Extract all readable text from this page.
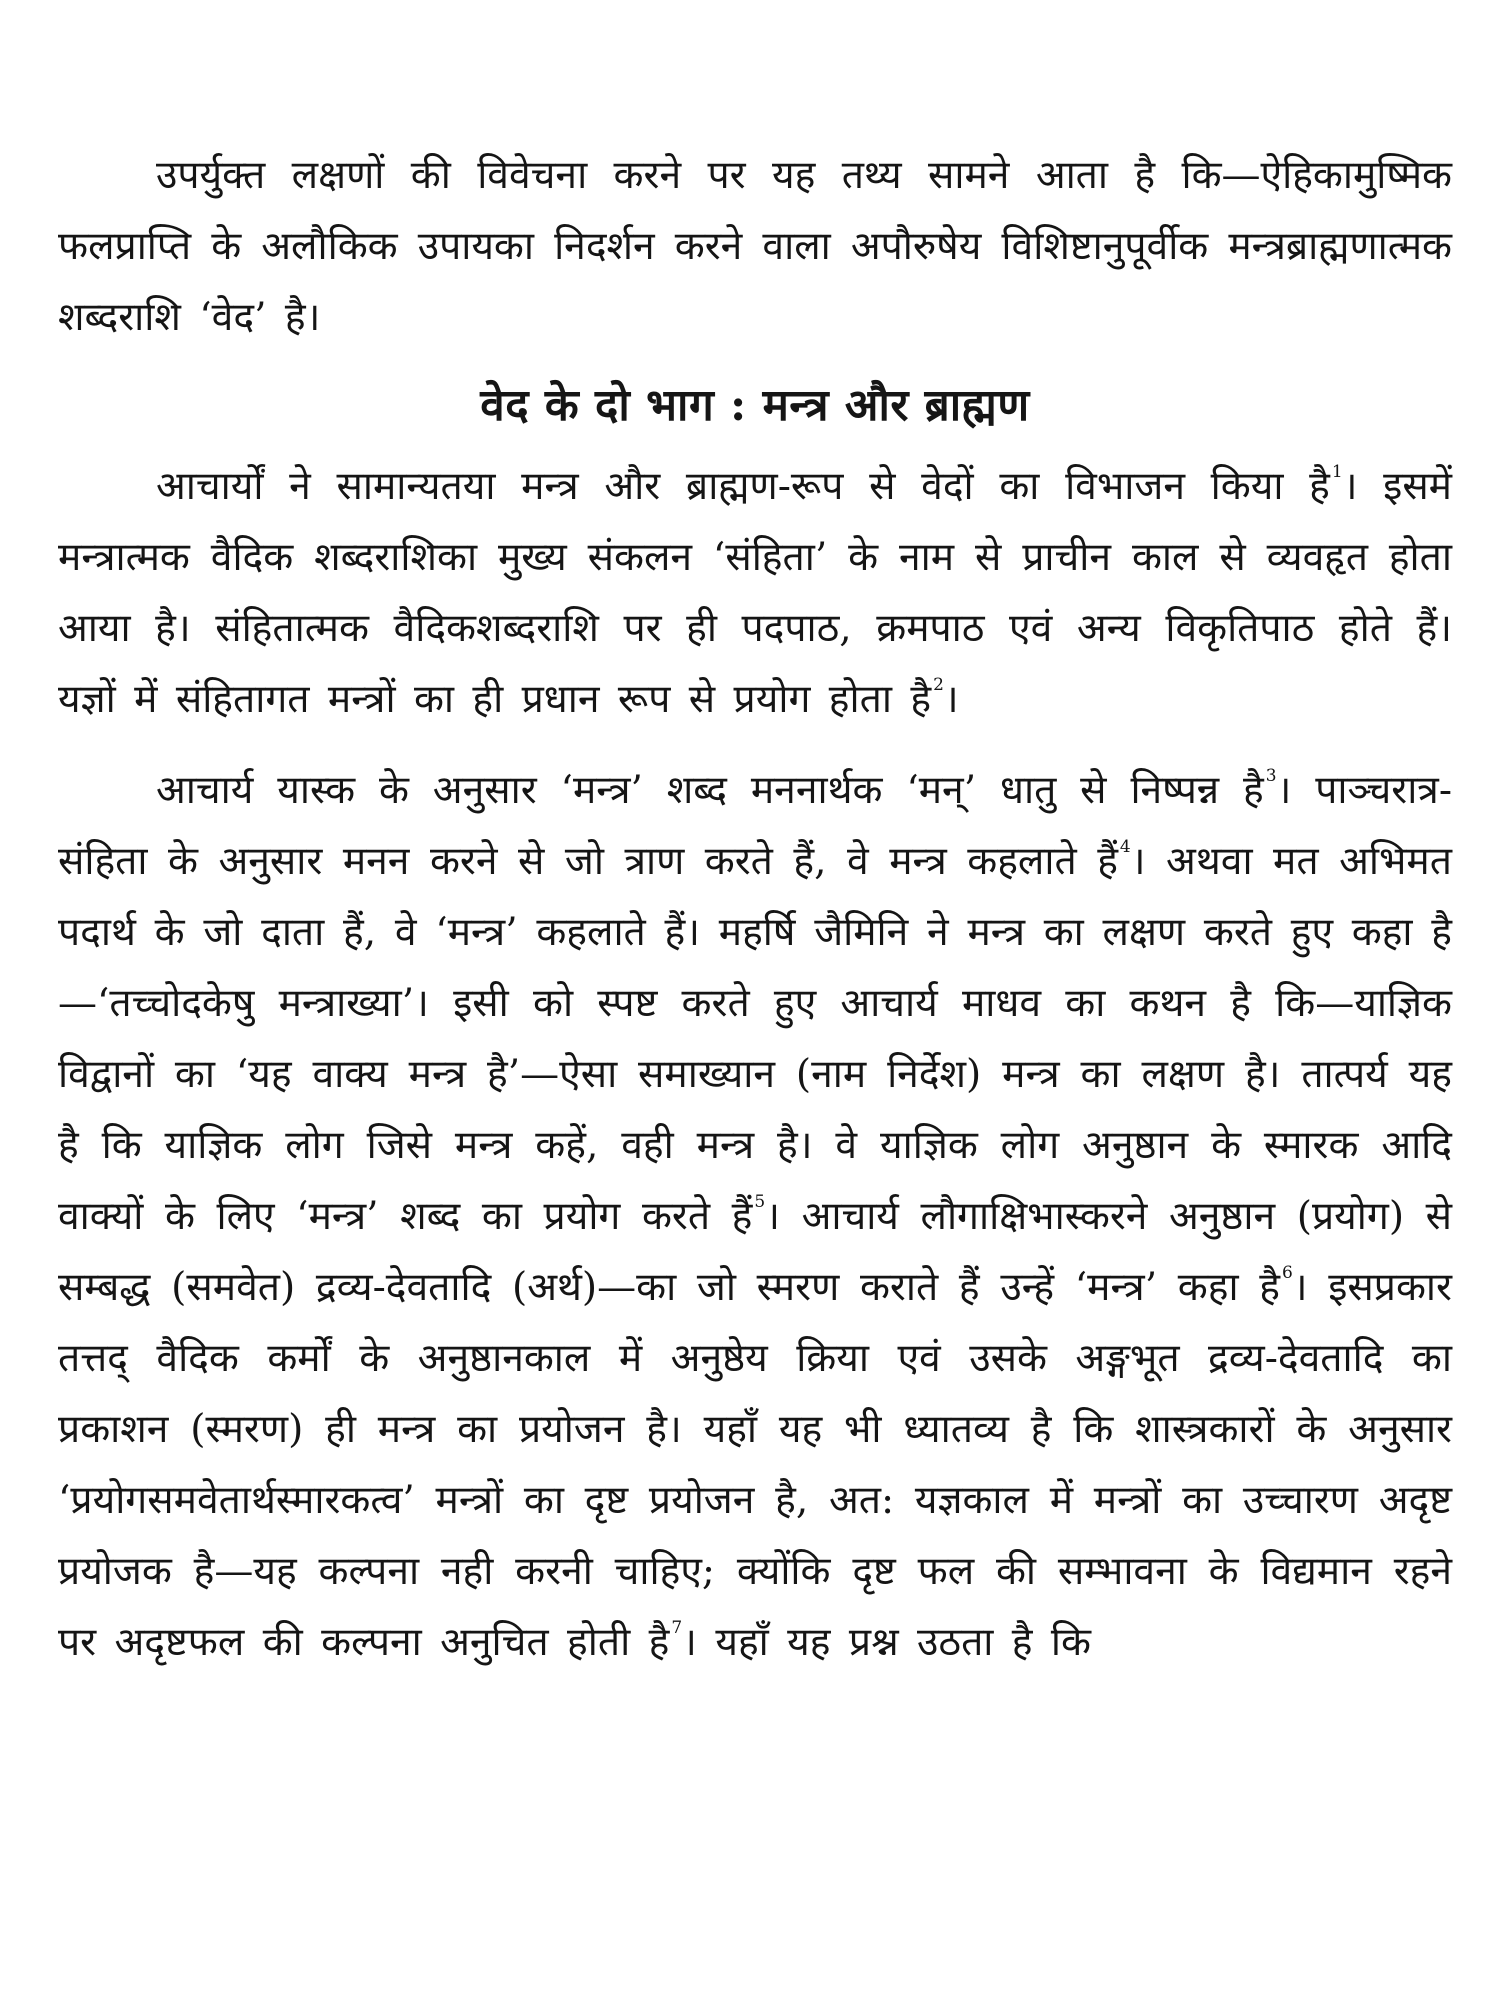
उपर्युक्त लक्षणों की विवेचना करने पर यह तथ्य सामने आता है कि—ऐहिकामुष्मिक फलप्राप्ति के अलौकिक उपायका निदर्शन करने वाला अपौरुषेय विशिष्टानुपूर्वीक मन्त्रब्राह्मणात्मक शब्दराशि ‘वेद’ है।

वेद के दो भाग : मन्त्र और ब्राह्मण

आचार्यों ने सामान्यतया मन्त्र और ब्राह्मण-रूप से वेदों का विभाजन किया है $^1$। इसमें मन्त्रात्मक वैदिक शब्दराशिका मुख्य संकलन ‘संहिता’ के नाम से प्राचीन काल से व्यवहृत होता आया है। संहितात्मक वैदिकशब्दराशि पर ही पदपाठ, क्रमपाठ एवं अन्य विकृतिपाठ होते हैं। यज्ञों में संहितागत मन्त्रों का ही प्रधान रूप से प्रयोग होता है $^2$।

आचार्य यास्क के अनुसार ‘मन्त्र’ शब्द मननार्थक ‘मन्’ धातु से निष्पन्न है $^3$। पाञ्चरात्र-संहिता के अनुसार मनन करने से जो त्राण करते हैं, वे मन्त्र कहलाते हैं $^4$। अथवा मत अभिमत पदार्थ के जो दाता हैं, वे ‘मन्त्र’ कहलाते हैं। महर्षि जैमिनि ने मन्त्र का लक्षण करते हुए कहा है—‘तच्चोदकेषु मन्त्राख्या’। इसी को स्पष्ट करते हुए आचार्य माधव का कथन है कि—याज्ञिक विद्वानों का ‘यह वाक्य मन्त्र है’—ऐसा समाख्यान (नाम निर्देश) मन्त्र का लक्षण है। तात्पर्य यह है कि याज्ञिक लोग जिसे मन्त्र कहें, वही मन्त्र है। वे याज्ञिक लोग अनुष्ठान के स्मारक आदि वाक्यों के लिए ‘मन्त्र’ शब्द का प्रयोग करते हैं $^5$। आचार्य लौगाक्षिभास्करने अनुष्ठान (प्रयोग) से सम्बद्ध (समवेत) द्रव्य-देवतादि (अर्थ)—का जो स्मरण कराते हैं उन्हें ‘मन्त्र’ कहा है $^6$। इसप्रकार तत्तद् वैदिक कर्मों के अनुष्ठानकाल में अनुष्ठेय क्रिया एवं उसके अङ्गभूत द्रव्य-देवतादि का प्रकाशन (स्मरण) ही मन्त्र का प्रयोजन है। यहाँ यह भी ध्यातव्य है कि शास्त्रकारों के अनुसार ‘प्रयोगसमवेतार्थस्मारकत्व’ मन्त्रों का दृष्ट प्रयोजन है, अत: यज्ञकाल में मन्त्रों का उच्चारण अदृष्ट प्रयोजक है—यह कल्पना नही करनी चाहिए; क्योंकि दृष्ट फल की सम्भावना के विद्यमान रहने पर अदृष्टफल की कल्पना अनुचित होती है $^7$। यहाँ यह प्रश्न उठता है कि
